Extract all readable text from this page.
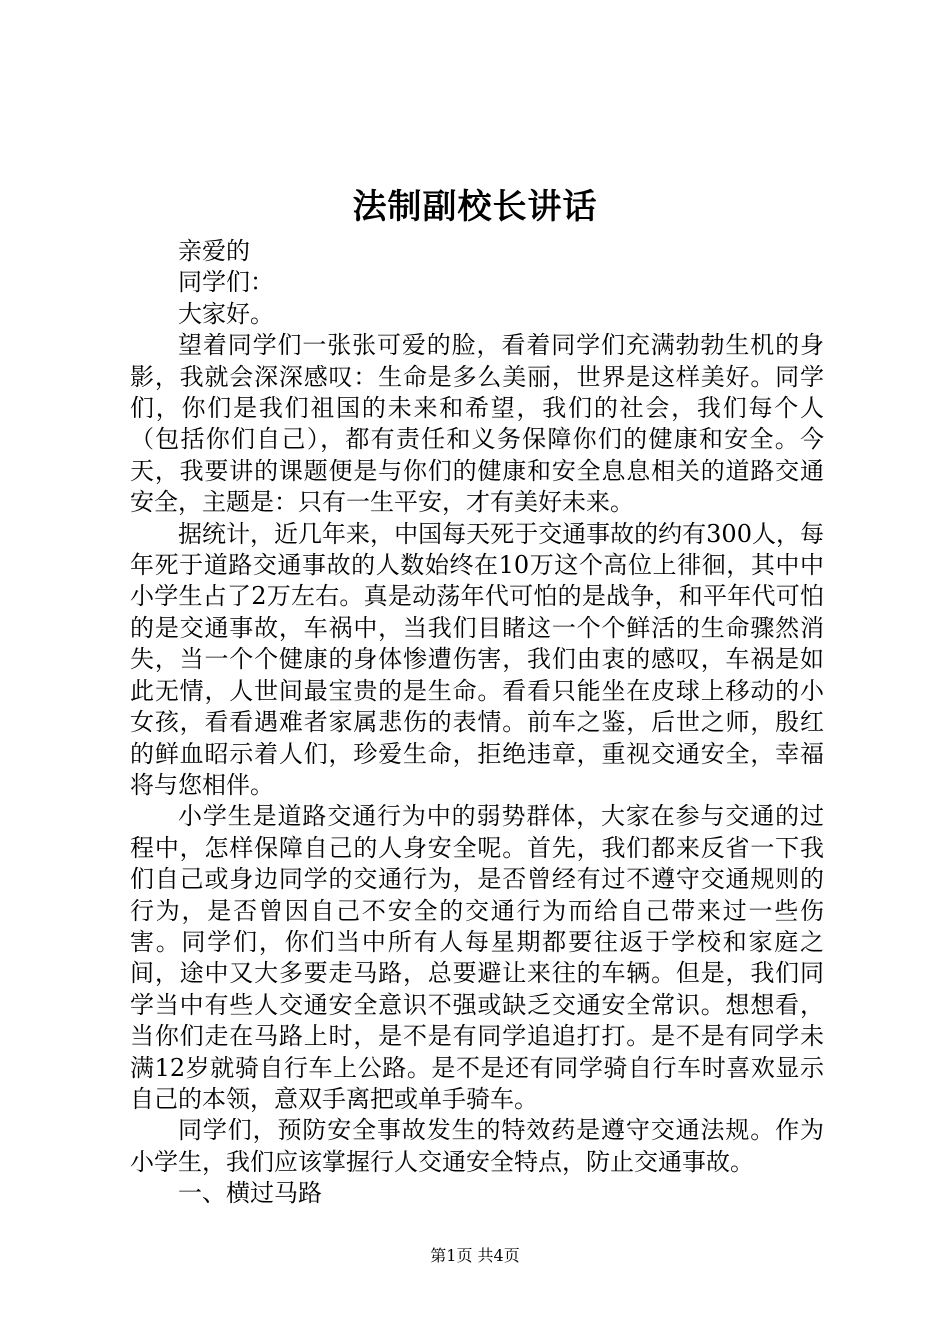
法制副校长讲话

亲爱的

同学们：

大家好。

望着同学们一张张可爱的脸，看着同学们充满勃勃生机的身影，我就会深深感叹：生命是多么美丽，世界是这样美好。同学们，你们是我们祖国的未来和希望，我们的社会，我们每个人（包括你们自己），都有责任和义务保障你们的健康和安全。今天，我要讲的课题便是与你们的健康和安全息息相关的道路交通安全，主题是：只有一生平安，才有美好未来。

据统计，近几年来，中国每天死于交通事故的约有300人，每年死于道路交通事故的人数始终在10万这个高位上徘徊，其中中小学生占了2万左右。真是动荡年代可怕的是战争，和平年代可怕的是交通事故，车祸中，当我们目睹这一个个鲜活的生命骤然消失，当一个个健康的身体惨遭伤害，我们由衷的感叹，车祸是如此无情，人世间最宝贵的是生命。看看只能坐在皮球上移动的小女孩，看看遇难者家属悲伤的表情。前车之鉴，后世之师，殷红的鲜血昭示着人们，珍爱生命，拒绝违章，重视交通安全，幸福将与您相伴。

小学生是道路交通行为中的弱势群体，大家在参与交通的过程中，怎样保障自己的人身安全呢。首先，我们都来反省一下我们自己或身边同学的交通行为，是否曾经有过不遵守交通规则的行为，是否曾因自己不安全的交通行为而给自己带来过一些伤害。同学们，你们当中所有人每星期都要往返于学校和家庭之间，途中又大多要走马路，总要避让来往的车辆。但是，我们同学当中有些人交通安全意识不强或缺乏交通安全常识。想想看，当你们走在马路上时，是不是有同学追追打打。是不是有同学未满12岁就骑自行车上公路。是不是还有同学骑自行车时喜欢显示自己的本领，意双手离把或单手骑车。

同学们，预防安全事故发生的特效药是遵守交通法规。作为小学生，我们应该掌握行人交通安全特点，防止交通事故。

一、横过马路

第1页 共4页
